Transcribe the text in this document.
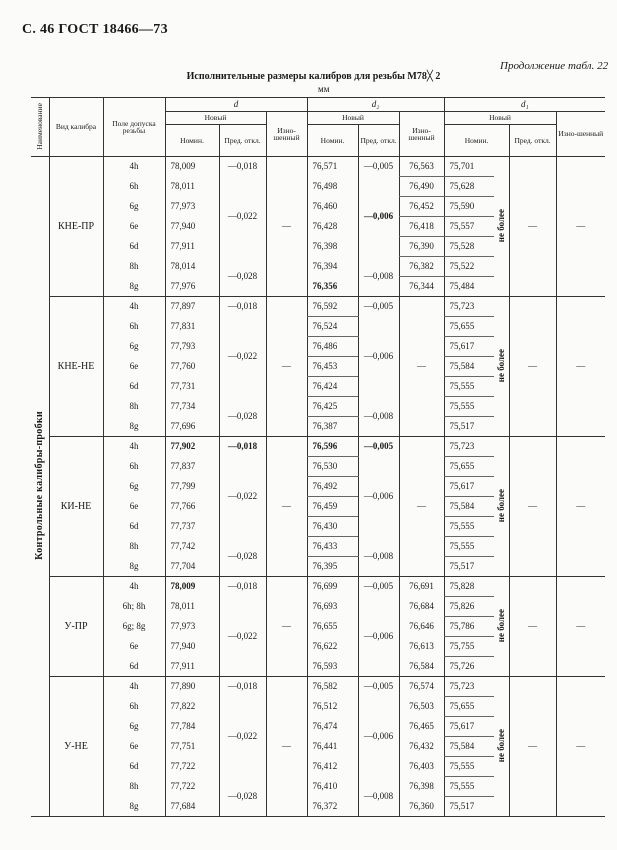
С. 46 ГОСТ 18466—73
Продолжение табл. 22
Исполнительные размеры калибров для резьбы М78╳ 2
мм
Наименование	Вид калибра	Поле допуска резьбы	d			d₂			d₁			
			Новый		Изно-шенный	Новый		Изно-шенный	Новый			Изно-шенный
			Номин.	Пред. откл.		Номин.	Пред. откл.		Номин.		Пред. откл.	
Контрольные калибры-пробки	КНЕ-ПР	4h	78,009	—0,018	—	76,571	—0,005	76,563	75,701	не более	—	—
		6h	78,011	—0,022		76,498	—0,006	76,490	75,628			
		6g	77,973			76,460		76,452	75,590			
		6e	77,940			76,428		76,418	75,557			
		6d	77,911			76,398		76,390	75,528			
		8h	78,014	—0,028		76,394	—0,008	76,382	75,522			
		8g	77,976			76,356		76,344	75,484			
	КНЕ-НЕ	4h	77,897	—0,018	—	76,592	—0,005	—	75,723	не более	—	—
		6h	77,831	—0,022		76,524	—0,006		75,655			
		6g	77,793			76,486			75,617			
		6e	77,760			76,453			75,584			
		6d	77,731			76,424			75,555			
		8h	77,734	—0,028		76,425	—0,008		75,555			
		8g	77,696			76,387			75,517			
	КИ-НЕ	4h	77,902	—0,018	—	76,596	—0,005	—	75,723	не более	—	—
		6h	77,837	—0,022		76,530	—0,006		75,655			
		6g	77,799			76,492			75,617			
		6e	77,766			76,459			75,584			
		6d	77,737			76,430			75,555			
		8h	77,742	—0,028		76,433	—0,008		75,555			
		8g	77,704			76,395			75,517			
	У-ПР	4h	78,009	—0,018	—	76,699	—0,005	76,691	75,828	не более	—	—
		6h; 8h	78,011	—0,022		76,693	—0,006	76,684	75,826			
		6g; 8g	77,973			76,655		76,646	75,786			
		6e	77,940			76,622		76,613	75,755			
		6d	77,911			76,593		76,584	75,726			
	У-НЕ	4h	77,890	—0,018	—	76,582	—0,005	76,574	75,723	не более	—	—
		6h	77,822	—0,022		76,512	—0,006	76,503	75,655			
		6g	77,784			76,474		76,465	75,617			
		6e	77,751			76,441		76,432	75,584			
		6d	77,722			76,412		76,403	75,555			
		8h	77,722	—0,028		76,410	—0,008	76,398	75,555			
		8g	77,684			76,372		76,360	75,517			
